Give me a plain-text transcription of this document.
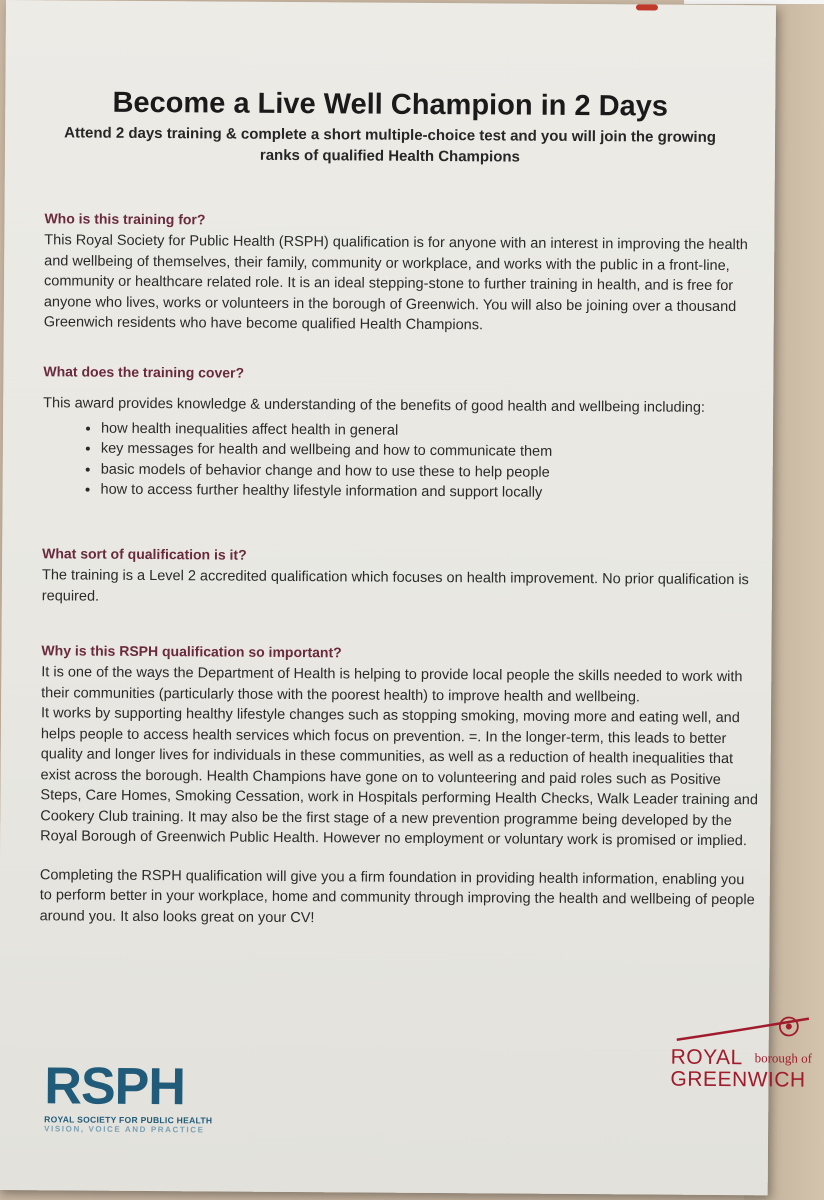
Become a Live Well Champion in 2 Days

Attend 2 days training & complete a short multiple-choice test and you will join the growing ranks of qualified Health Champions

Who is this training for?

This Royal Society for Public Health (RSPH) qualification is for anyone with an interest in improving the health and wellbeing of themselves, their family, community or workplace, and works with the public in a front-line, community or healthcare related role. It is an ideal stepping-stone to further training in health, and is free for anyone who lives, works or volunteers in the borough of Greenwich. You will also be joining over a thousand Greenwich residents who have become qualified Health Champions.

What does the training cover?

This award provides knowledge & understanding of the benefits of good health and wellbeing including:

• how health inequalities affect health in general
• key messages for health and wellbeing and how to communicate them
• basic models of behavior change and how to use these to help people
• how to access further healthy lifestyle information and support locally

What sort of qualification is it?

The training is a Level 2 accredited qualification which focuses on health improvement. No prior qualification is required.

Why is this RSPH qualification so important?

It is one of the ways the Department of Health is helping to provide local people the skills needed to work with their communities (particularly those with the poorest health) to improve health and wellbeing.

It works by supporting healthy lifestyle changes such as stopping smoking, moving more and eating well, and helps people to access health services which focus on prevention. =. In the longer-term, this leads to better quality and longer lives for individuals in these communities, as well as a reduction of health inequalities that exist across the borough. Health Champions have gone on to volunteering and paid roles such as Positive Steps, Care Homes, Smoking Cessation, work in Hospitals performing Health Checks, Walk Leader training and Cookery Club training. It may also be the first stage of a new prevention programme being developed by the Royal Borough of Greenwich Public Health. However no employment or voluntary work is promised or implied.

Completing the RSPH qualification will give you a firm foundation in providing health information, enabling you to perform better in your workplace, home and community through improving the health and wellbeing of people around you. It also looks great on your CV!

RSPH
ROYAL SOCIETY FOR PUBLIC HEALTH
VISION, VOICE AND PRACTICE
ROYAL borough of
GREENWICH
